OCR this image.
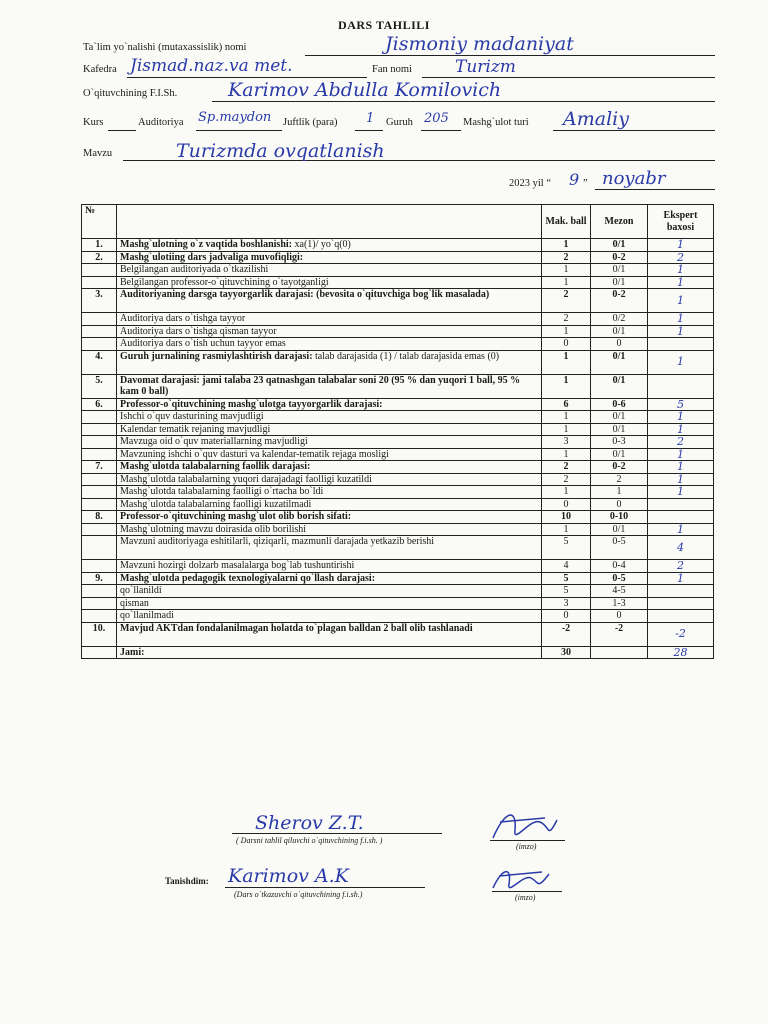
DARS TAHLILI
Ta`lim yo`nalishi (mutaxassislik) nomi	Jismoniy madaniyat
Kafedra Jismad.naz.va met.	Fan nomi	Turizm
O`qituvchining F.I.Sh.	Karimov Abdulla Komilovich
Kurs	Auditoriya Sp.maydon Juftlik (para) 1 Guruh 205 Mashg`ulot turi Amaliy
Mavzu	Turizmda ovqatlanish
2023 yil “ 9 ” noyabr
№		Mak. ball	Mezon	Ekspert baxosi
1.	Mashg`ulotning o`z vaqtida boshlanishi: xa(1)/ yo`q(0)	1	0/1	1
2.	Mashg`ulotiing dars jadvaliga muvofiqligi:	2	0-2	2
	Belgilangan auditoriyada o`tkazilishi	1	0/1	1
	Belgilangan professor-o`qituvchining o`tayotganligi	1	0/1	1
3.	Auditoriyaning darsga tayyorgarlik darajasi: (bevosita o`qituvchiga bog`lik masalada)	2	0-2	1
	Auditoriya dars o`tishga tayyor	2	0/2	1
	Auditoriya dars o`tishga qisman tayyor	1	0/1	1
	Auditoriya dars o`tish uchun tayyor emas	0	0	
4.	Guruh jurnalining rasmiylashtirish darajasi: talab darajasida (1) / talab darajasida emas (0)	1	0/1	1
5.	Davomat darajasi: jami talaba 23 qatnashgan talabalar soni 20 (95 % dan yuqori 1 ball, 95 % kam 0 ball)	1	0/1	
6.	Professor-o`qituvchining mashg`ulotga tayyorgarlik darajasi:	6	0-6	5
	Ishchi o`quv dasturining mavjudligi	1	0/1	1
	Kalendar tematik rejaning mavjudligi	1	0/1	1
	Mavzuga oid o`quv materiallarning mavjudligi	3	0-3	2
	Mavzuning ishchi o`quv dasturi va kalendar-tematik rejaga mosligi	1	0/1	1
7.	Mashg`ulotda talabalarning faollik darajasi:	2	0-2	1
	Mashg`ulotda talabalarning yuqori darajadagi faolligi kuzatildi	2	2	1
	Mashg`ulotda talabalarning faolligi o`rtacha bo`ldi	1	1	1
	Mashg`ulotda talabalarning faolligi kuzatilmadi	0	0	
8.	Professor-o`qituvchining mashg`ulot olib borish sifati:	10	0-10	
	Mashg`ulotning mavzu doirasida olib borilishi	1	0/1	1
	Mavzuni auditoriyaga eshitilarli, qiziqarli, mazmunli darajada yetkazib berishi	5	0-5	4
	Mavzuni hozirgi dolzarb masalalarga bog`lab tushuntirishi	4	0-4	2
9.	Mashg`ulotda pedagogik texnologiyalarni qo`llash darajasi:	5	0-5	1
	qo`llanildi	5	4-5	
	qisman	3	1-3	
	qo`llanilmadi	0	0	
10.	Mavjud AKTdan fondalanilmagan holatda to`plagan balldan 2 ball olib tashlanadi	-2	-2	-2
	Jami:	30		28
Sherov Z.T.
( Darsni tahlil qiluvchi o`qituvchining f.i.sh. )
(imzo)
Tanishdim: Karimov A.K
(Dars o`tkazuvchi o`qituvchining f.i.sh.)	(imzo)
